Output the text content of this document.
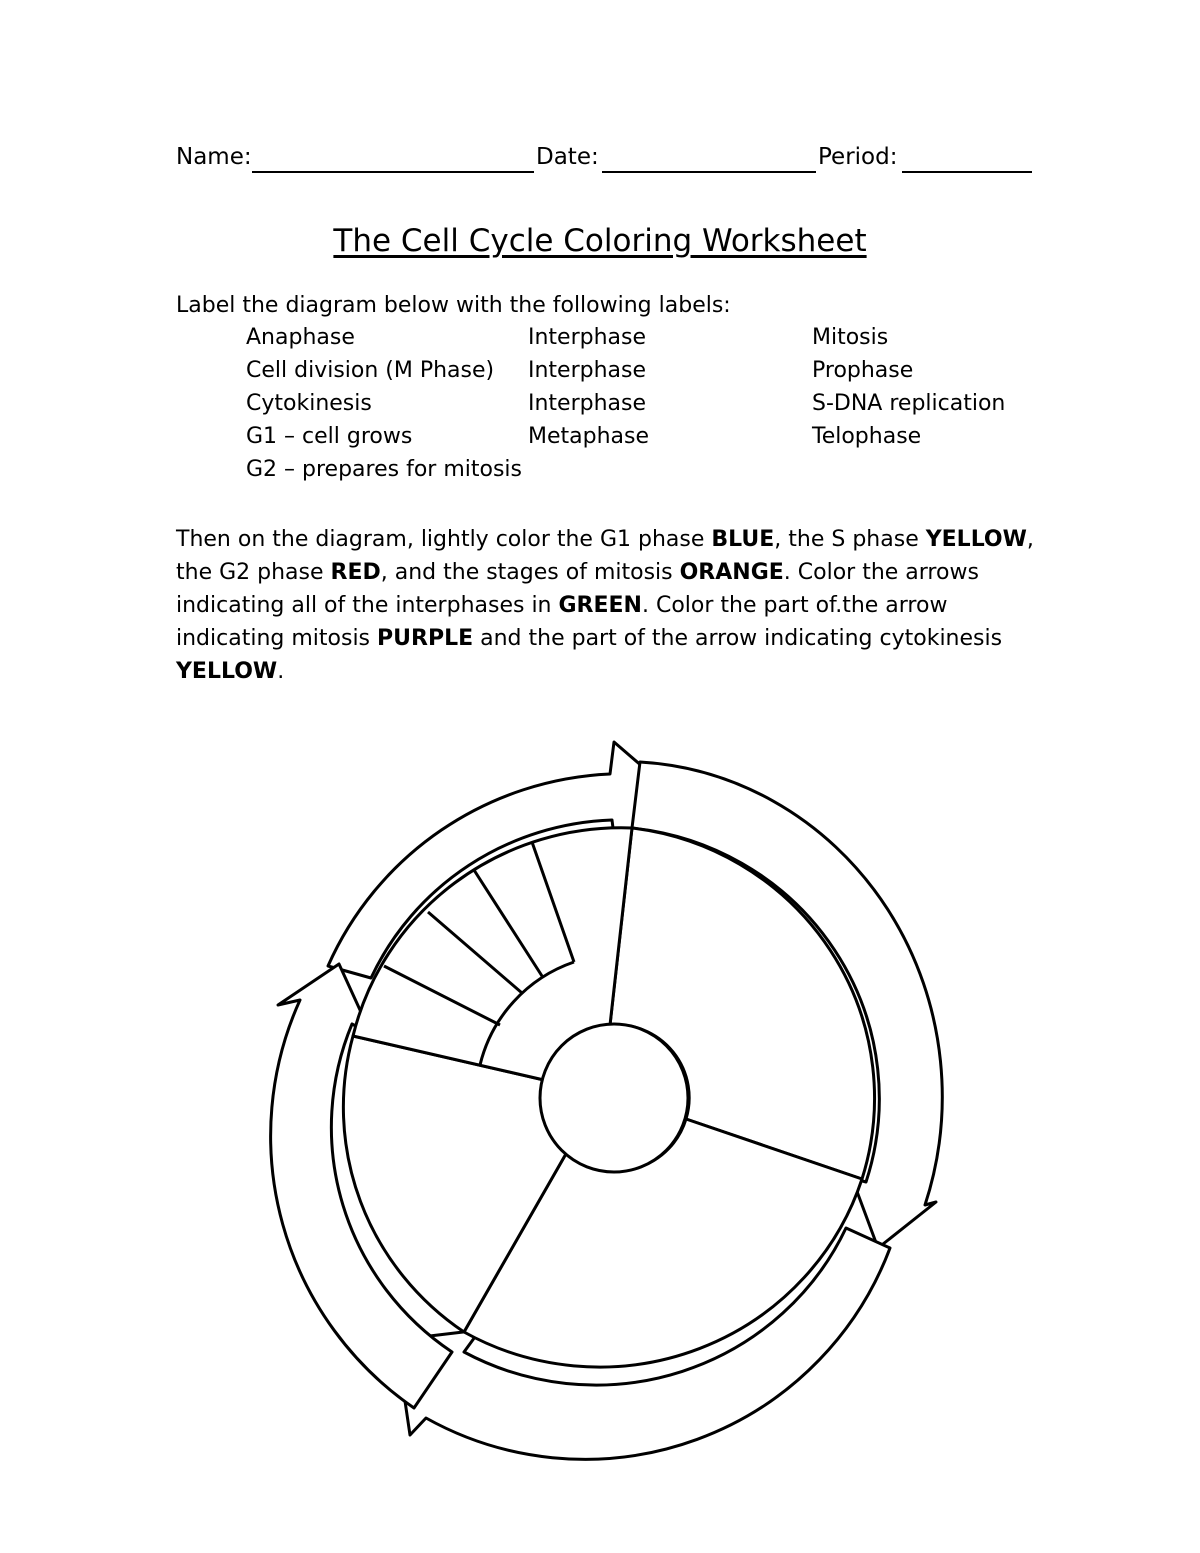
Name:	Date:	Period:
The Cell Cycle Coloring Worksheet
Label the diagram below with the following labels:
Anaphase
Cell division (M Phase)
Cytokinesis
G1 – cell grows
G2 – prepares for mitosis
Interphase
Interphase
Interphase
Metaphase
Mitosis
Prophase
S-DNA replication
Telophase
Then on the diagram, lightly color the G1 phase BLUE, the S phase YELLOW, the G2 phase RED, and the stages of mitosis ORANGE. Color the arrows indicating all of the interphases in GREEN. Color the part of.the arrow indicating mitosis PURPLE and the part of the arrow indicating cytokinesis YELLOW.
